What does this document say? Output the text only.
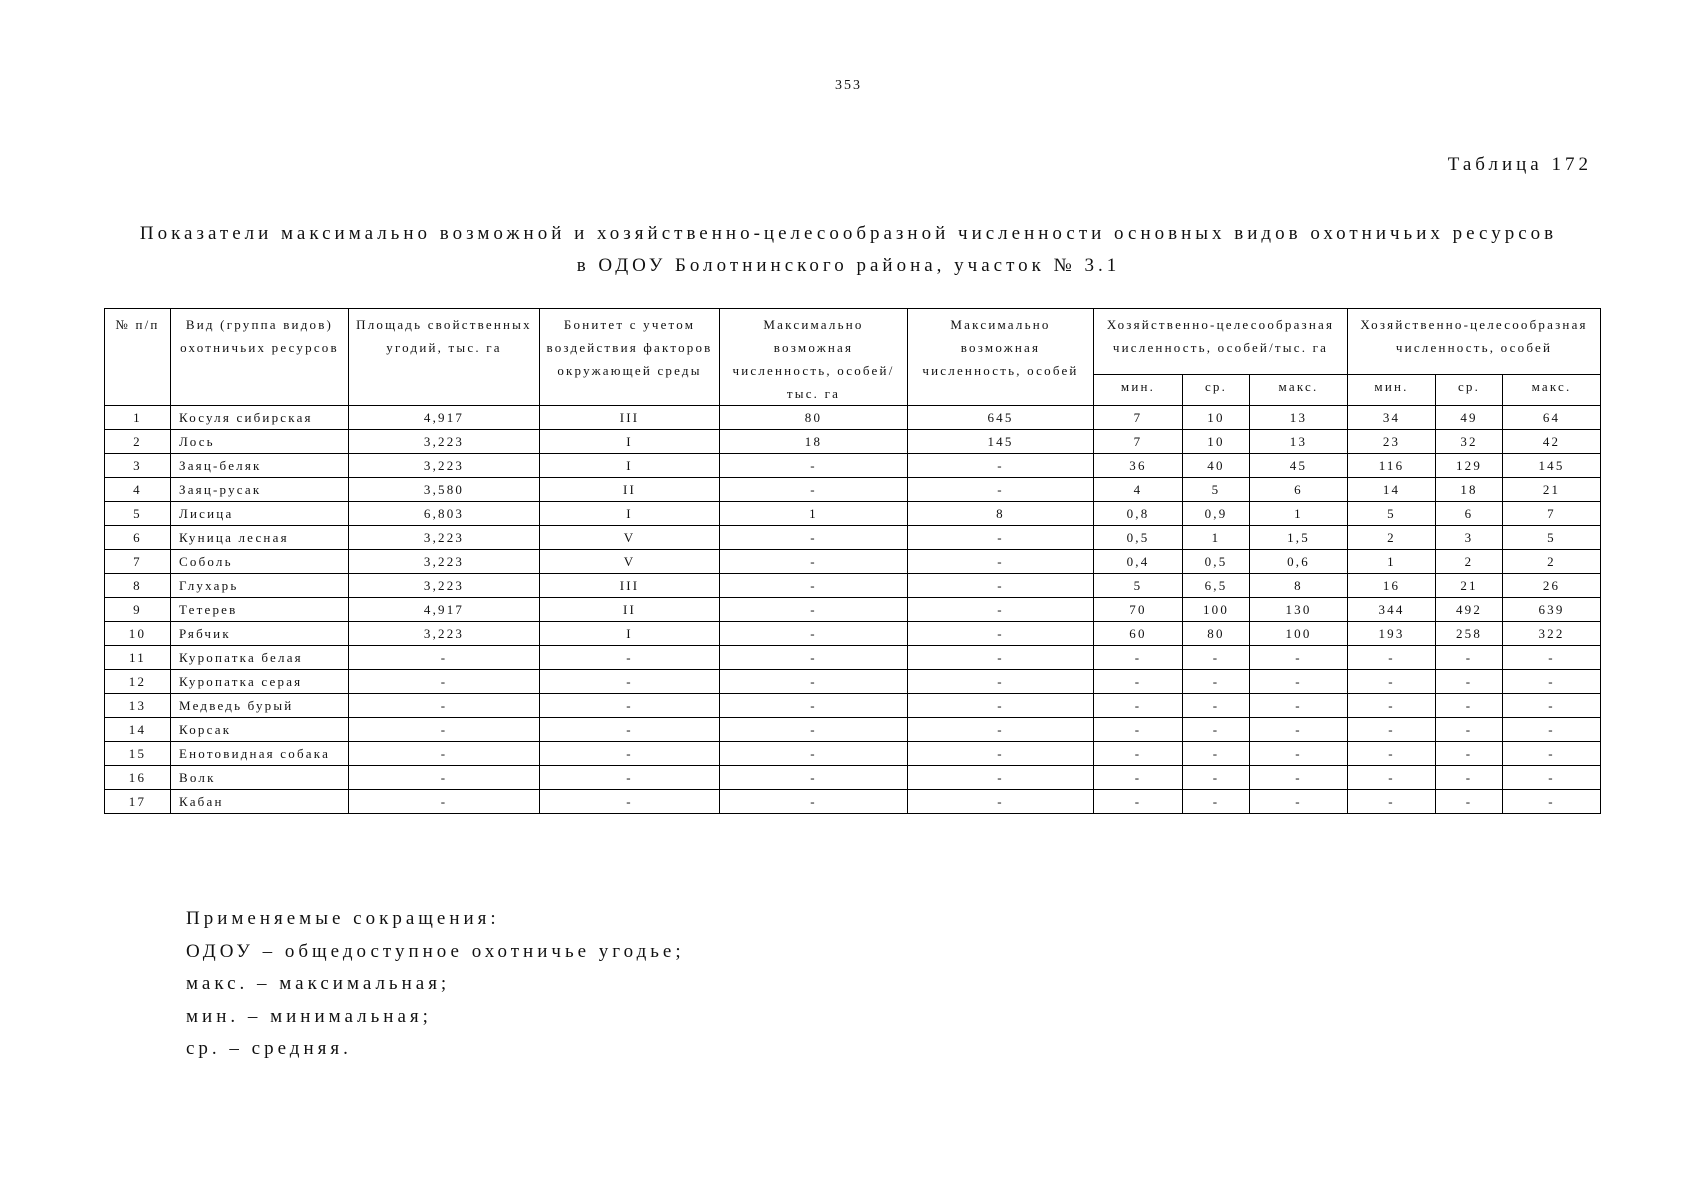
353
Таблица 172
Показатели максимально возможной и хозяйственно-целесообразной численности основных видов охотничьих ресурсов
в ОДОУ Болотнинского района, участок № 3.1
№ п/п	Вид (группа видов) охотничьих ресурсов	Площадь свойственных угодий, тыс. га	Бонитет с учетом воздействия факторов окружающей среды	Максимально возможная численность, особей/тыс. га	Максимально возможная численность, особей	Хозяйственно-целесообразная численность, особей/тыс. га			Хозяйственно-целесообразная численность, особей		
						мин.	ср.	макс.	мин.	ср.	макс.
1	Косуля сибирская	4,917	III	80	645	7	10	13	34	49	64
2	Лось	3,223	I	18	145	7	10	13	23	32	42
3	Заяц-беляк	3,223	I	-	-	36	40	45	116	129	145
4	Заяц-русак	3,580	II	-	-	4	5	6	14	18	21
5	Лисица	6,803	I	1	8	0,8	0,9	1	5	6	7
6	Куница лесная	3,223	V	-	-	0,5	1	1,5	2	3	5
7	Соболь	3,223	V	-	-	0,4	0,5	0,6	1	2	2
8	Глухарь	3,223	III	-	-	5	6,5	8	16	21	26
9	Тетерев	4,917	II	-	-	70	100	130	344	492	639
10	Рябчик	3,223	I	-	-	60	80	100	193	258	322
11	Куропатка белая	-	-	-	-	-	-	-	-	-	-
12	Куропатка серая	-	-	-	-	-	-	-	-	-	-
13	Медведь бурый	-	-	-	-	-	-	-	-	-	-
14	Корсак	-	-	-	-	-	-	-	-	-	-
15	Енотовидная собака	-	-	-	-	-	-	-	-	-	-
16	Волк	-	-	-	-	-	-	-	-	-	-
17	Кабан	-	-	-	-	-	-	-	-	-	-
Применяемые сокращения:
ОДОУ – общедоступное охотничье угодье;
макс. – максимальная;
мин. – минимальная;
ср. – средняя.
